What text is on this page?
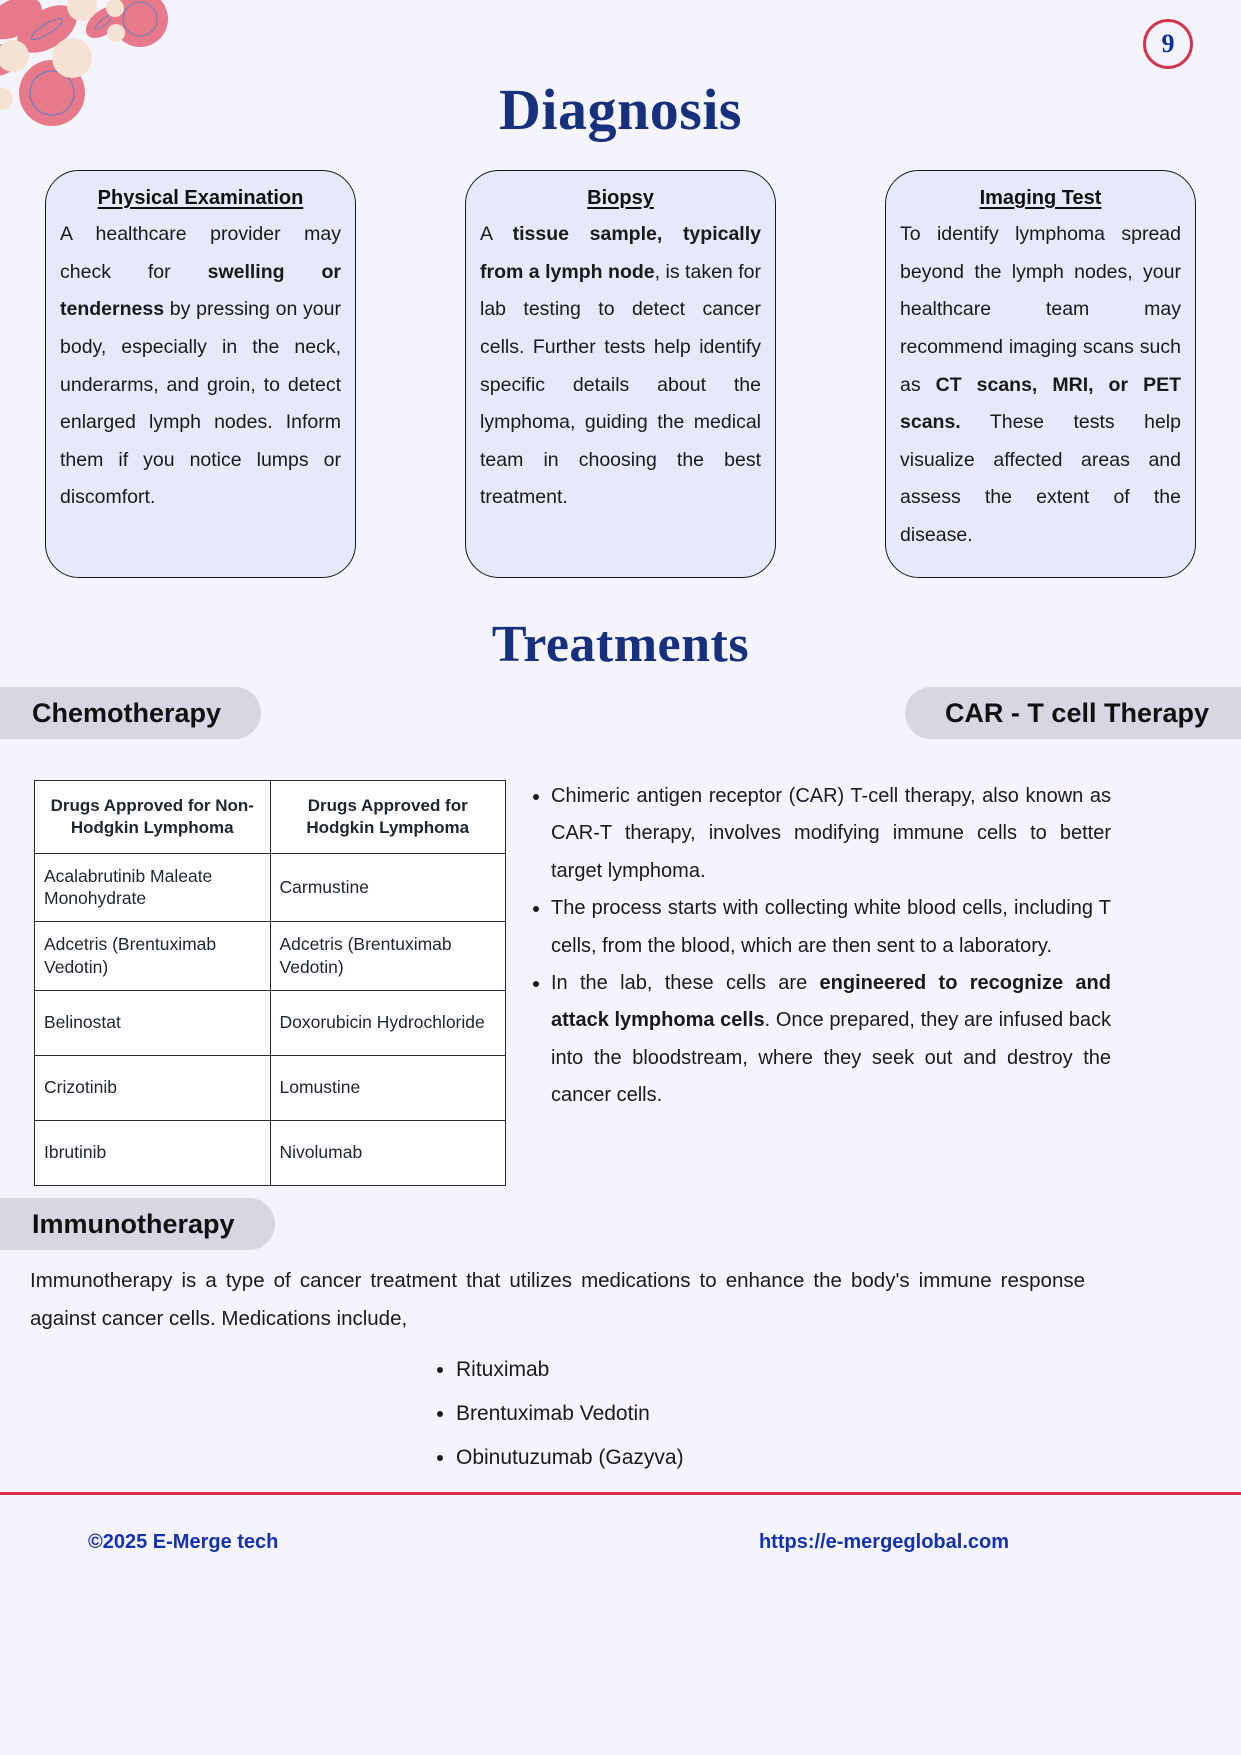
9
Diagnosis
Physical Examination
A healthcare provider may check for swelling or tenderness by pressing on your body, especially in the neck, underarms, and groin, to detect enlarged lymph nodes. Inform them if you notice lumps or discomfort.
Biopsy
A tissue sample, typically from a lymph node, is taken for lab testing to detect cancer cells. Further tests help identify specific details about the lymphoma, guiding the medical team in choosing the best treatment.
Imaging Test
To identify lymphoma spread beyond the lymph nodes, your healthcare team may recommend imaging scans such as CT scans, MRI, or PET scans. These tests help visualize affected areas and assess the extent of the disease.
Treatments
Chemotherapy	CAR - T cell Therapy
Immunotherapy
Drugs Approved for Non-Hodgkin Lymphoma	Drugs Approved for Hodgkin Lymphoma
Acalabrutinib Maleate Monohydrate	Carmustine
Adcetris (Brentuximab Vedotin)	Adcetris (Brentuximab Vedotin)
Belinostat	Doxorubicin Hydrochloride
Crizotinib	Lomustine
Ibrutinib	Nivolumab
• Chimeric antigen receptor (CAR) T-cell therapy, also known as CAR-T therapy, involves modifying immune cells to better target lymphoma.
• The process starts with collecting white blood cells, including T cells, from the blood, which are then sent to a laboratory.
• In the lab, these cells are engineered to recognize and attack lymphoma cells. Once prepared, they are infused back into the bloodstream, where they seek out and destroy the cancer cells.
Immunotherapy is a type of cancer treatment that utilizes medications to enhance the body's immune response against cancer cells. Medications include,
• Rituximab
• Brentuximab Vedotin
• Obinutuzumab (Gazyva)
©2025 E-Merge tech	https://e-mergeglobal.com
